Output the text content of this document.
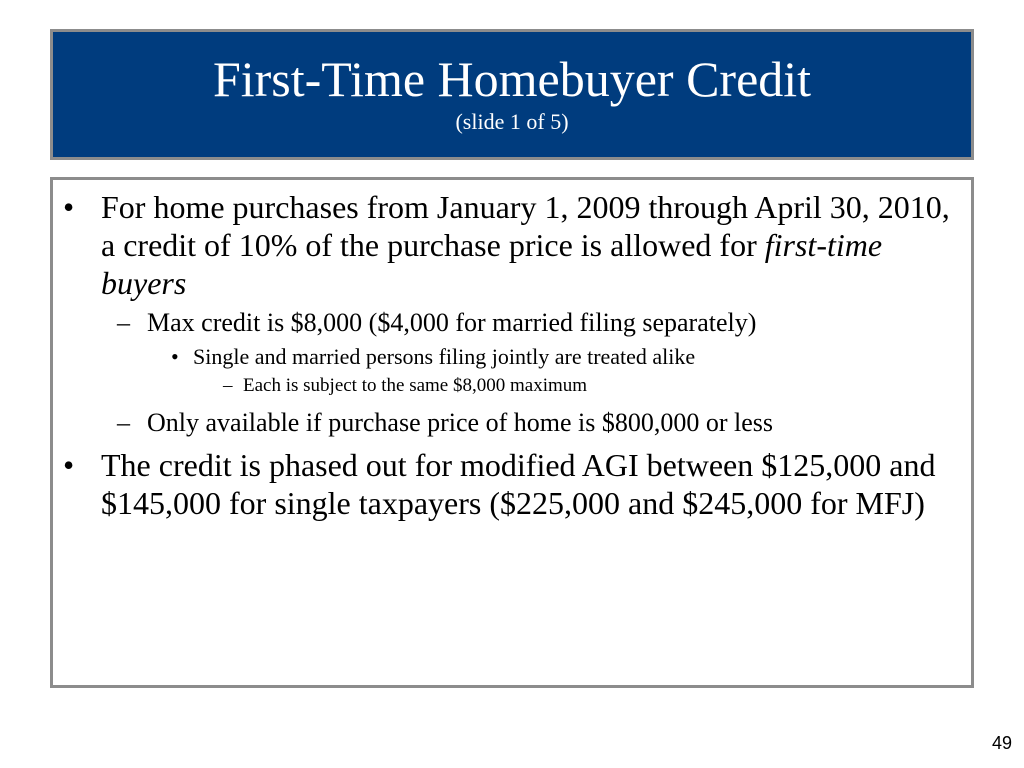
First-Time Homebuyer Credit

(slide 1 of 5)

• For home purchases from January 1, 2009 through April 30, 2010, a credit of 10% of the purchase price is allowed for first-time buyers
– Max credit is $8,000 ($4,000 for married filing separately)
• Single and married persons filing jointly are treated alike
– Each is subject to the same $8,000 maximum
– Only available if purchase price of home is $800,000 or less
• The credit is phased out for modified AGI between $125,000 and $145,000 for single taxpayers ($225,000 and $245,000 for MFJ)
49
